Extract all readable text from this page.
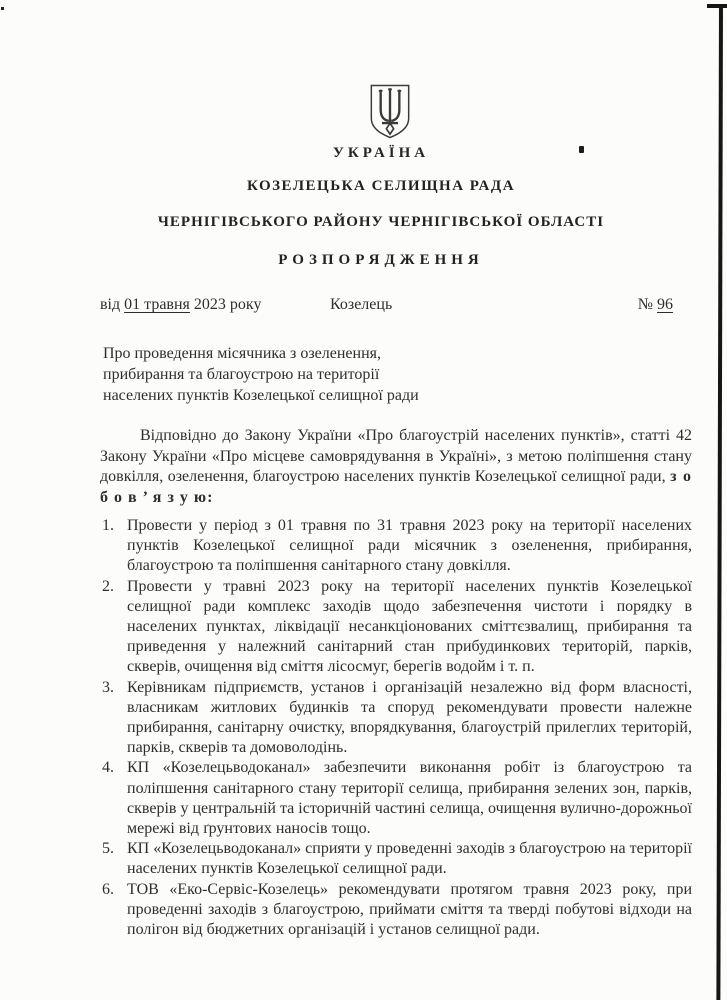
УКРАЇНА
КОЗЕЛЕЦЬКА СЕЛИЩНА РАДА
ЧЕРНІГІВСЬКОГО РАЙОНУ ЧЕРНІГІВСЬКОЇ ОБЛАСТІ
РОЗПОРЯДЖЕННЯ
від 01 травня 2023 року	Козелець	№ 96
Про проведення місячника з озеленення,
прибирання та благоустрою на території
населених пунктів Козелецької селищної ради
Відповідно до Закону України «Про благоустрій населених пунктів», статті 42 Закону України «Про місцеве самоврядування в Україні», з метою поліпшення стану довкілля, озеленення, благоустрою населених пунктів Козелецької селищної ради, з о б о в ’ я з у ю:
1. Провести у період з 01 травня по 31 травня 2023 року на території населених пунктів Козелецької селищної ради місячник з озеленення, прибирання, благоустрою та поліпшення санітарного стану довкілля.
2. Провести у травні 2023 року на території населених пунктів Козелецької селищної ради комплекс заходів щодо забезпечення чистоти і порядку в населених пунктах, ліквідації несанкціонованих сміттєзвалищ, прибирання та приведення у належний санітарний стан прибудинкових територій, парків, скверів, очищення від сміття лісосмуг, берегів водойм і т. п.
3. Керівникам підприємств, установ і організацій незалежно від форм власності, власникам житлових будинків та споруд рекомендувати провести належне прибирання, санітарну очистку, впорядкування, благоустрій прилеглих територій, парків, скверів та домоволодінь.
4. КП «Козелецьводоканал» забезпечити виконання робіт із благоустрою та поліпшення санітарного стану території селища, прибирання зелених зон, парків, скверів у центральній та історичній частині селища, очищення вулично-дорожньої мережі від ґрунтових наносів тощо.
5. КП «Козелецьводоканал» сприяти у проведенні заходів з благоустрою на території населених пунктів Козелецької селищної ради.
6. ТОВ «Еко-Сервіс-Козелець» рекомендувати протягом травня 2023 року, при проведенні заходів з благоустрою, приймати сміття та тверді побутові відходи на полігон від бюджетних організацій і установ селищної ради.
